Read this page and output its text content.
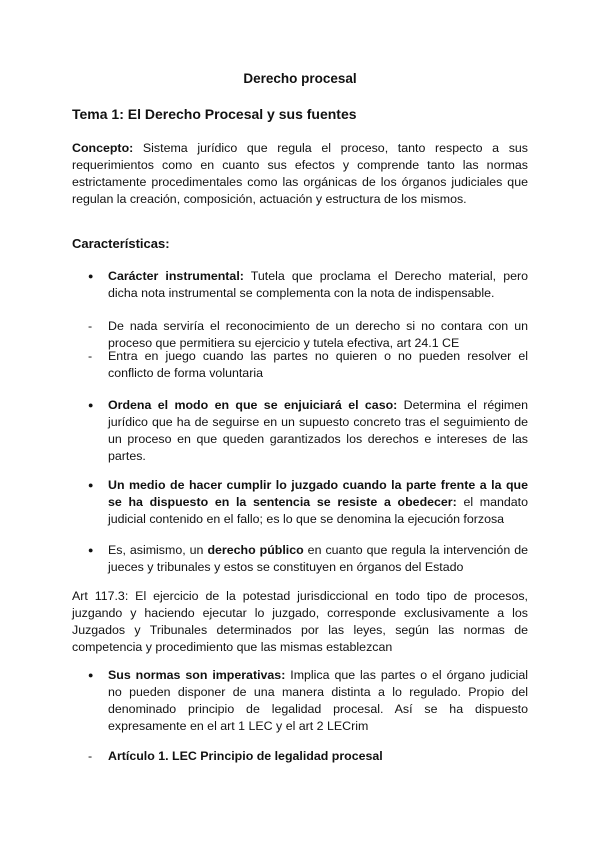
Derecho procesal
Tema 1: El Derecho Procesal y sus fuentes
Concepto: Sistema jurídico que regula el proceso, tanto respecto a sus requerimientos como en cuanto sus efectos y comprende tanto las normas estrictamente procedimentales como las orgánicas de los órganos judiciales que regulan la creación, composición, actuación y estructura de los mismos.
Características:
● Carácter instrumental: Tutela que proclama el Derecho material, pero dicha nota instrumental se complementa con la nota de indispensable.
- De nada serviría el reconocimiento de un derecho si no contara con un proceso que permitiera su ejercicio y tutela efectiva, art 24.1 CE
- Entra en juego cuando las partes no quieren o no pueden resolver el conflicto de forma voluntaria
● Ordena el modo en que se enjuiciará el caso: Determina el régimen jurídico que ha de seguirse en un supuesto concreto tras el seguimiento de un proceso en que queden garantizados los derechos e intereses de las partes.
● Un medio de hacer cumplir lo juzgado cuando la parte frente a la que se ha dispuesto en la sentencia se resiste a obedecer: el mandato judicial contenido en el fallo; es lo que se denomina la ejecución forzosa
● Es, asimismo, un derecho público en cuanto que regula la intervención de jueces y tribunales y estos se constituyen en órganos del Estado
Art 117.3: El ejercicio de la potestad jurisdiccional en todo tipo de procesos, juzgando y haciendo ejecutar lo juzgado, corresponde exclusivamente a los Juzgados y Tribunales determinados por las leyes, según las normas de competencia y procedimiento que las mismas establezcan
● Sus normas son imperativas: Implica que las partes o el órgano judicial no pueden disponer de una manera distinta a lo regulado. Propio del denominado principio de legalidad procesal. Así se ha dispuesto expresamente en el art 1 LEC y el art 2 LECrim
- Artículo 1. LEC Principio de legalidad procesal
